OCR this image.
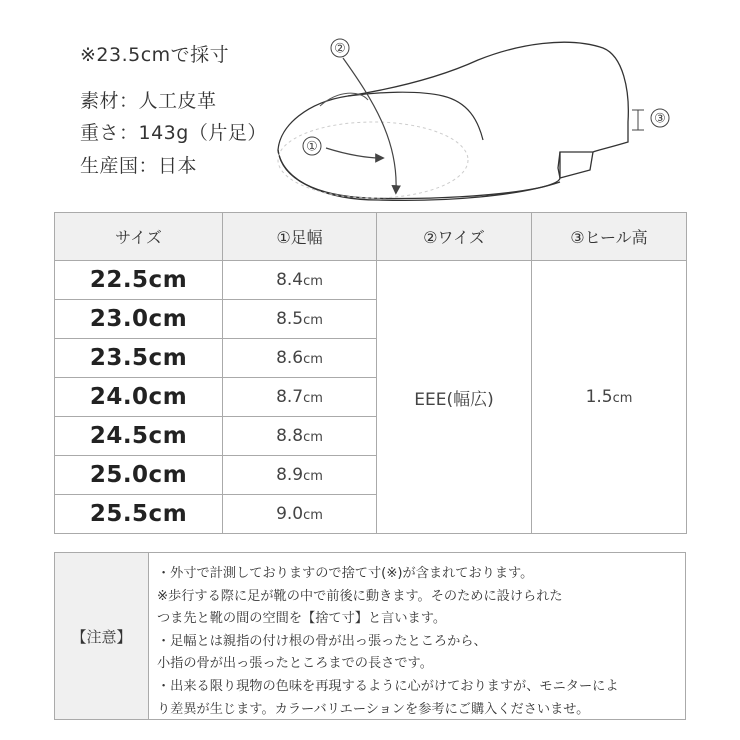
※23.5cmで採寸
素材：人工皮革
重さ：143g（片足）
生産国：日本
②
①
③
サイズ	①足幅	②ワイズ	③ヒール高
22.5cm	8.4cm	EEE(幅広)	1.5cm
23.0cm	8.5cm		
23.5cm	8.6cm		
24.0cm	8.7cm		
24.5cm	8.8cm		
25.0cm	8.9cm		
25.5cm	9.0cm		
【注意】
・外寸で計測しておりますので捨て寸(※)が含まれております。
※歩行する際に足が靴の中で前後に動きます。そのために設けられた
つま先と靴の間の空間を【捨て寸】と言います。
・足幅とは親指の付け根の骨が出っ張ったところから、
小指の骨が出っ張ったところまでの長さです。
・出来る限り現物の色味を再現するように心がけておりますが、モニターによ
り差異が生じます。カラーバリエーションを参考にご購入くださいませ。
